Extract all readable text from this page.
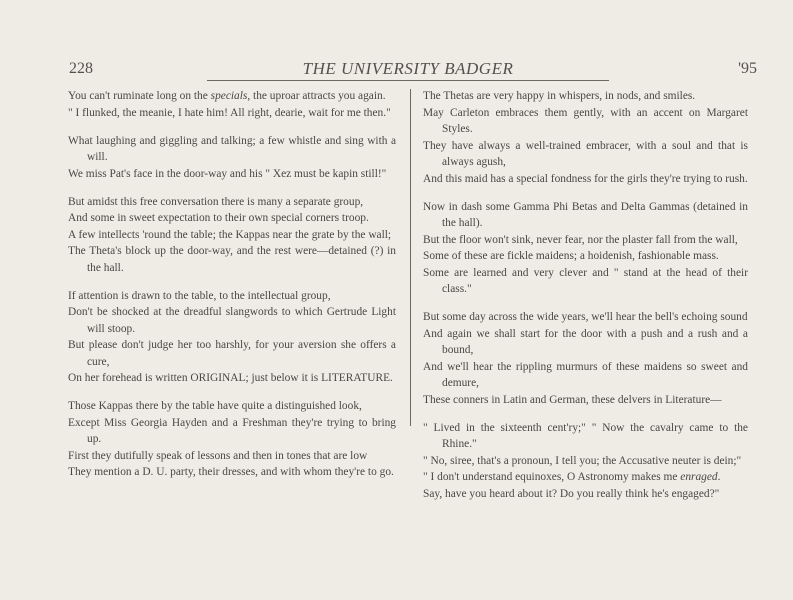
228	THE UNIVERSITY BADGER	'95

You can't ruminate long on the specials, the uproar attracts you again.

" I flunked, the meanie, I hate him! All right, dearie, wait for me then."

What laughing and giggling and talking; a few whistle and sing with a will.

We miss Pat's face in the door-way and his " Xez must be kapin still!"

But amidst this free conversation there is many a separate group,

And some in sweet expectation to their own special corners troop.

A few intellects 'round the table; the Kappas near the grate by the wall;

The Theta's block up the door-way, and the rest were—detained (?) in the hall.

If attention is drawn to the table, to the intellectual group,

Don't be shocked at the dreadful slangwords to which Gertrude Light will stoop.

But please don't judge her too harshly, for your aversion she offers a cure,

On her forehead is written ORIGINAL; just below it is LITERATURE.

Those Kappas there by the table have quite a distinguished look,

Except Miss Georgia Hayden and a Freshman they're trying to bring up.

First they dutifully speak of lessons and then in tones that are low

They mention a D. U. party, their dresses, and with whom they're to go.

The Thetas are very happy in whispers, in nods, and smiles.

May Carleton embraces them gently, with an accent on Margaret Styles.

They have always a well-trained embracer, with a soul and that is always agush,

And this maid has a special fondness for the girls they're trying to rush.

Now in dash some Gamma Phi Betas and Delta Gammas (detained in the hall).

But the floor won't sink, never fear, nor the plaster fall from the wall,

Some of these are fickle maidens; a hoidenish, fashionable mass.

Some are learned and very clever and " stand at the head of their class."

But some day across the wide years, we'll hear the bell's echoing sound

And again we shall start for the door with a push and a rush and a bound,

And we'll hear the rippling murmurs of these maidens so sweet and demure,

These conners in Latin and German, these delvers in Literature—

" Lived in the sixteenth cent'ry;" " Now the cavalry came to the Rhine."

" No, siree, that's a pronoun, I tell you; the Accusative neuter is dein;"

" I don't understand equinoxes, O Astronomy makes me enraged.

Say, have you heard about it? Do you really think he's engaged?"
